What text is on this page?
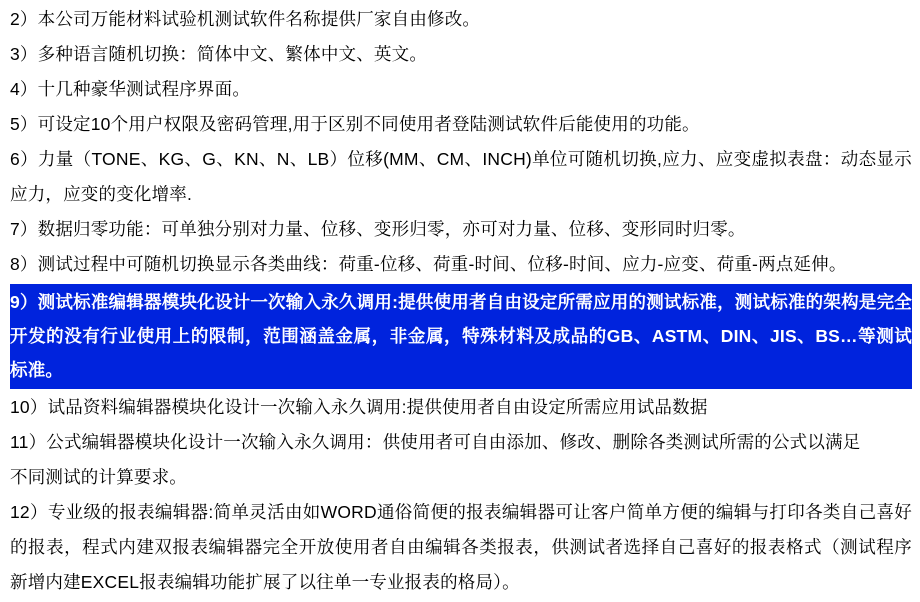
2）本公司万能材料试验机测试软件名称提供厂家自由修改。

3）多种语言随机切换：简体中文、繁体中文、英文。

4）十几种豪华测试程序界面。

5）可设定10个用户权限及密码管理,用于区别不同使用者登陆测试软件后能使用的功能。

6）力量（TONE、KG、G、KN、N、LB）位移(MM、CM、INCH)单位可随机切换,应力、应变虚拟表盘：动态显示应力，应变的变化增率.

7）数据归零功能：可单独分别对力量、位移、变形归零，亦可对力量、位移、变形同时归零。

8）测试过程中可随机切换显示各类曲线：荷重-位移、荷重-时间、位移-时间、应力-应变、荷重-两点延伸。

9）测试标准编辑器模块化设计一次输入永久调用:提供使用者自由设定所需应用的测试标准，测试标准的架构是完全开发的没有行业使用上的限制，范围涵盖金属，非金属，特殊材料及成品的GB、ASTM、DIN、JIS、BS…等测试标准。

10）试品资料编辑器模块化设计一次输入永久调用:提供使用者自由设定所需应用试品数据

11）公式编辑器模块化设计一次输入永久调用：供使用者可自由添加、修改、删除各类测试所需的公式以满足

不同测试的计算要求。

12）专业级的报表编辑器:简单灵活由如WORD通俗简便的报表编辑器可让客户简单方便的编辑与打印各类自己喜好的报表，程式内建双报表编辑器完全开放使用者自由编辑各类报表，供测试者选择自己喜好的报表格式（测试程序新增内建EXCEL报表编辑功能扩展了以往单一专业报表的格局）。
